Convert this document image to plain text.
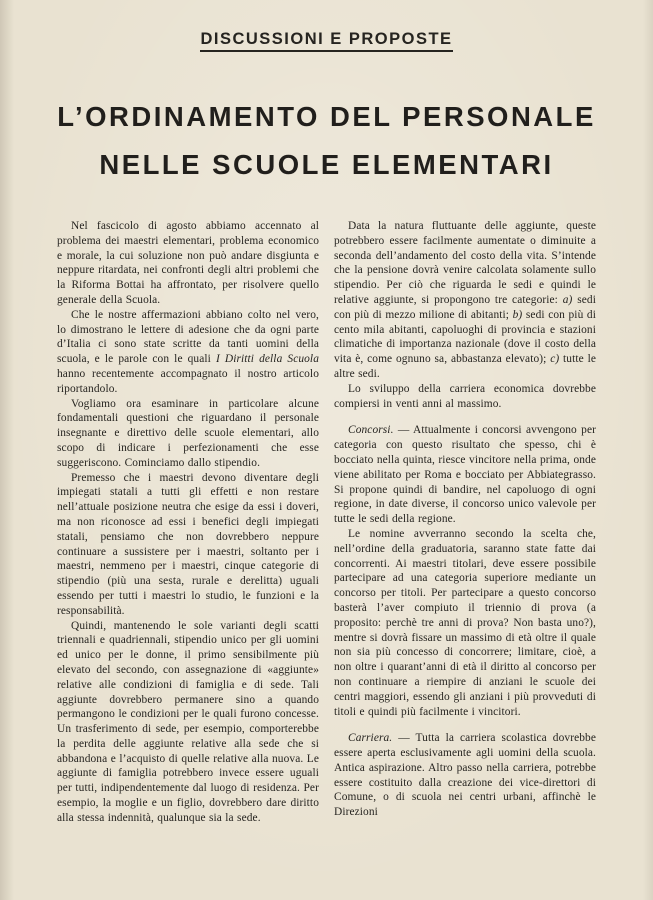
DISCUSSIONI E PROPOSTE
L’ORDINAMENTO DEL PERSONALE
NELLE SCUOLE ELEMENTARI

Nel fascicolo di agosto abbiamo accennato al problema dei maestri elementari, problema economico e morale, la cui soluzione non può andare disgiunta e neppure ritardata, nei confronti degli altri problemi che la Riforma Bottai ha affrontato, per risolvere quello generale della Scuola.

Che le nostre affermazioni abbiano colto nel vero, lo dimostrano le lettere di adesione che da ogni parte d’Italia ci sono state scritte da tanti uomini della scuola, e le parole con le quali I Diritti della Scuola hanno recentemente accompagnato il nostro articolo riportandolo.

Vogliamo ora esaminare in particolare alcune fondamentali questioni che riguardano il personale insegnante e direttivo delle scuole elementari, allo scopo di indicare i perfezionamenti che esse suggeriscono. Cominciamo dallo stipendio.

Premesso che i maestri devono diventare degli impiegati statali a tutti gli effetti e non restare nell’attuale posizione neutra che esige da essi i doveri, ma non riconosce ad essi i benefici degli impiegati statali, pensiamo che non dovrebbero neppure continuare a sussistere per i maestri, soltanto per i maestri, nemmeno per i maestri, cinque categorie di stipendio (più una sesta, rurale e derelitta) uguali essendo per tutti i maestri lo studio, le funzioni e la responsabilità.

Quindi, mantenendo le sole varianti degli scatti triennali e quadriennali, stipendio unico per gli uomini ed unico per le donne, il primo sensibilmente più elevato del secondo, con assegnazione di «aggiunte» relative alle condizioni di famiglia e di sede. Tali aggiunte dovrebbero permanere sino a quando permangono le condizioni per le quali furono concesse. Un trasferimento di sede, per esempio, comporterebbe la perdita delle aggiunte relative alla sede che si abbandona e l’acquisto di quelle relative alla nuova. Le aggiunte di famiglia potrebbero invece essere uguali per tutti, indipendentemente dal luogo di residenza. Per esempio, la moglie e un figlio, dovrebbero dare diritto alla stessa indennità, qualunque sia la sede.

Data la natura fluttuante delle aggiunte, queste potrebbero essere facilmente aumentate o diminuite a seconda dell’andamento del costo della vita. S’intende che la pensione dovrà venire calcolata solamente sullo stipendio. Per ciò che riguarda le sedi e quindi le relative aggiunte, si propongono tre categorie: a) sedi con più di mezzo milione di abitanti; b) sedi con più di cento mila abitanti, capoluoghi di provincia e stazioni climatiche di importanza nazionale (dove il costo della vita è, come ognuno sa, abbastanza elevato); c) tutte le altre sedi.

Lo sviluppo della carriera economica dovrebbe compiersi in venti anni al massimo.

Concorsi. — Attualmente i concorsi avvengono per categoria con questo risultato che spesso, chi è bocciato nella quinta, riesce vincitore nella prima, onde viene abilitato per Roma e bocciato per Abbiategrasso. Si propone quindi di bandire, nel capoluogo di ogni regione, in date diverse, il concorso unico valevole per tutte le sedi della regione.

Le nomine avverranno secondo la scelta che, nell’ordine della graduatoria, saranno state fatte dai concorrenti. Ai maestri titolari, deve essere possibile partecipare ad una categoria superiore mediante un concorso per titoli. Per partecipare a questo concorso basterà l’aver compiuto il triennio di prova (a proposito: perchè tre anni di prova? Non basta uno?), mentre si dovrà fissare un massimo di età oltre il quale non sia più concesso di concorrere; limitare, cioè, a non oltre i quarant’anni di età il diritto al concorso per non continuare a riempire di anziani le scuole dei centri maggiori, essendo gli anziani i più provveduti di titoli e quindi più facilmente i vincitori.

Carriera. — Tutta la carriera scolastica dovrebbe essere aperta esclusivamente agli uomini della scuola. Antica aspirazione. Altro passo nella carriera, potrebbe essere costituito dalla creazione dei vice-direttori di Comune, o di scuola nei centri urbani, affinchè le Direzioni
